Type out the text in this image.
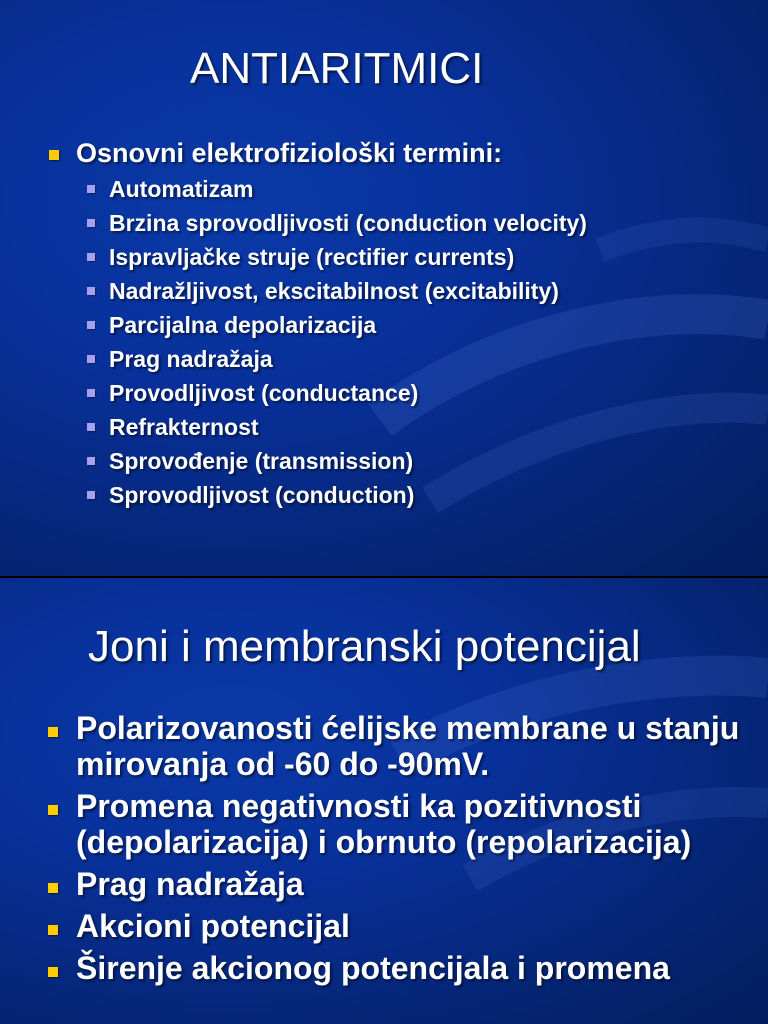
ANTIARITMICI

Osnovni elektrofiziološki termini:

Automatizam
Brzina sprovodljivosti (conduction velocity)
Ispravljačke struje (rectifier currents)
Nadražljivost, ekscitabilnost (excitability)
Parcijalna depolarizacija
Prag nadražaja
Provodljivost (conductance)
Refrakternost
Sprovođenje (transmission)
Sprovodljivost (conduction)
Joni i membranski potencijal
Polarizovanosti ćelijske membrane u stanju mirovanja od -60 do -90mV.
Promena negativnosti ka pozitivnosti (depolarizacija) i obrnuto (repolarizacija)
Prag nadražaja
Akcioni potencijal
Širenje akcionog potencijala i promena
